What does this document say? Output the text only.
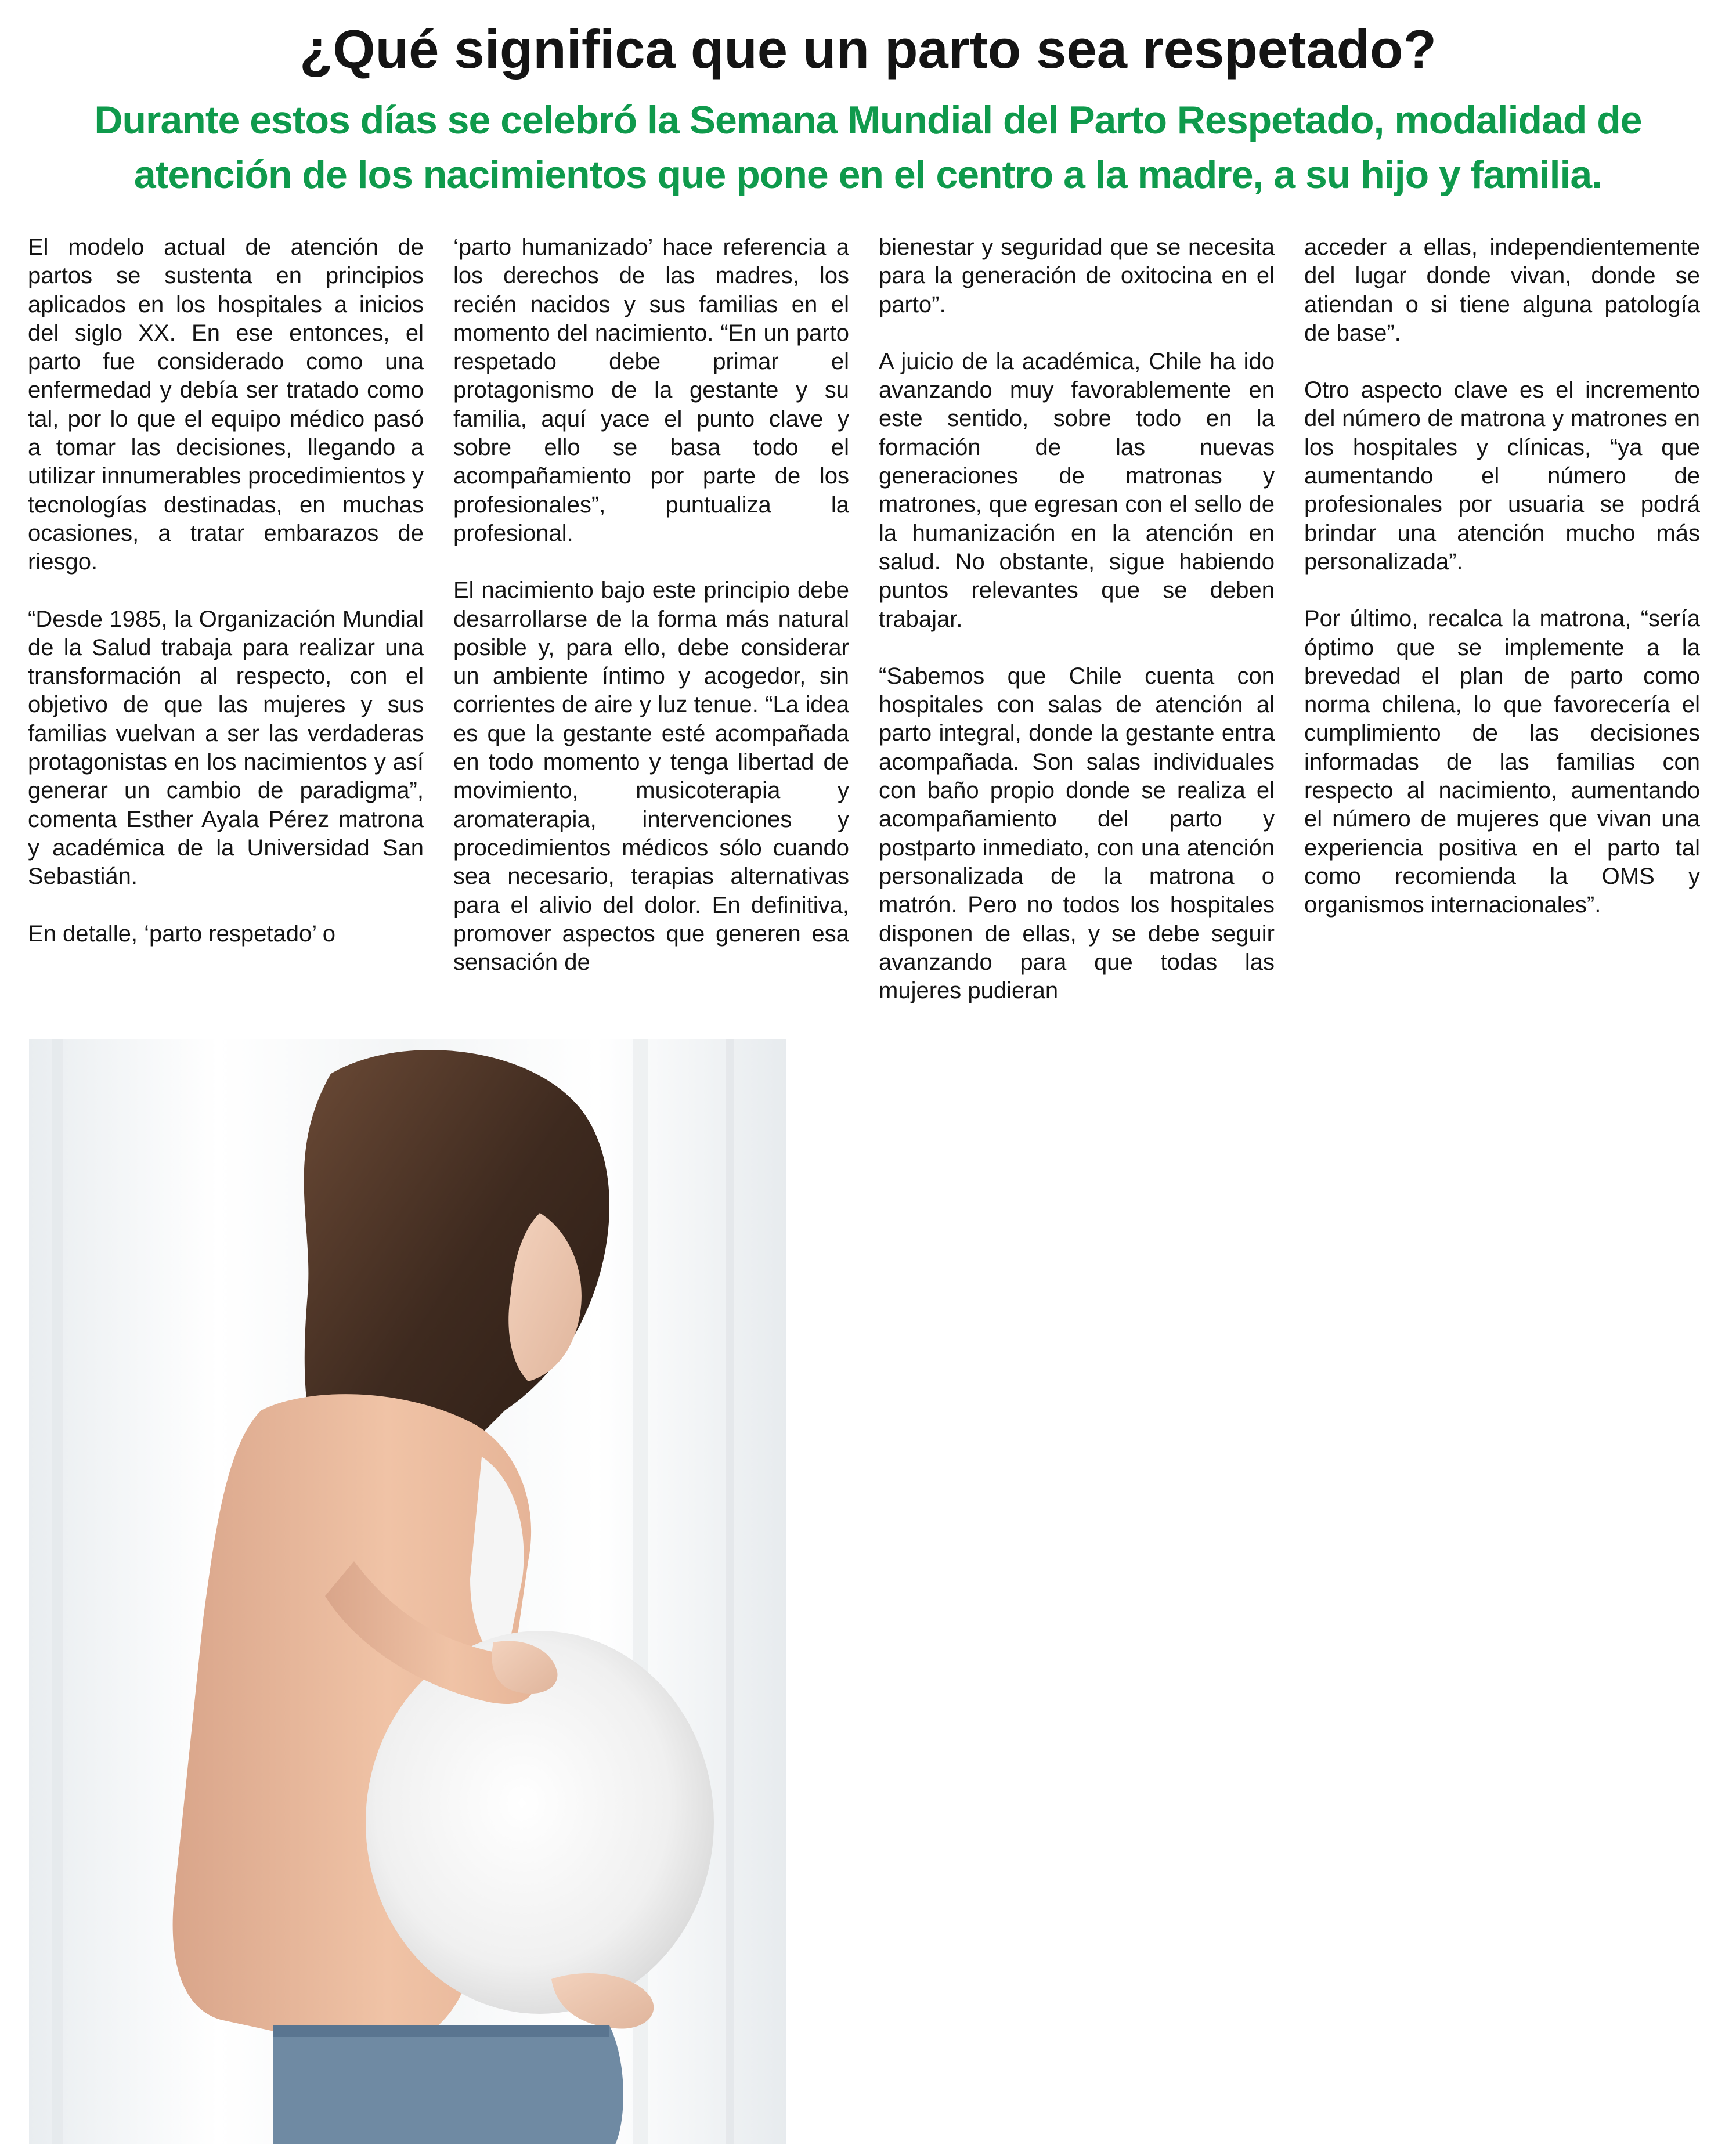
¿Qué significa que un parto sea respetado?
Durante estos días se celebró la Semana Mundial del Parto Respetado, modalidad de atención de los nacimientos que pone en el centro a la madre, a su hijo y familia.

El modelo actual de atención de partos se sustenta en principios aplicados en los hospitales a inicios del siglo XX. En ese entonces, el parto fue considerado como una enfermedad y debía ser tratado como tal, por lo que el equipo médico pasó a tomar las decisiones, llegando a utilizar innumerables procedimientos y tecnologías destinadas, en muchas ocasiones, a tratar embarazos de riesgo.

“Desde 1985, la Organización Mundial de la Salud trabaja para realizar una transformación al respecto, con el objetivo de que las mujeres y sus familias vuelvan a ser las verdaderas protagonistas en los nacimientos y así generar un cambio de paradigma”, comenta Esther Ayala Pérez matrona y académica de la Universidad San Sebastián.

En detalle, ‘parto respetado’ o

‘parto humanizado’ hace referencia a los derechos de las madres, los recién nacidos y sus familias en el momento del nacimiento. “En un parto respetado debe primar el protagonismo de la gestante y su familia, aquí yace el punto clave y sobre ello se basa todo el acompañamiento por parte de los profesionales”, puntualiza la profesional.

El nacimiento bajo este principio debe desarrollarse de la forma más natural posible y, para ello, debe considerar un ambiente íntimo y acogedor, sin corrientes de aire y luz tenue. “La idea es que la gestante esté acompañada en todo momento y tenga libertad de movimiento, musicoterapia y aromaterapia, intervenciones y procedimientos médicos sólo cuando sea necesario, terapias alternativas para el alivio del dolor. En definitiva, promover aspectos que generen esa sensación de

bienestar y seguridad que se necesita para la generación de oxitocina en el parto”.

A juicio de la académica, Chile ha ido avanzando muy favorablemente en este sentido, sobre todo en la formación de las nuevas generaciones de matronas y matrones, que egresan con el sello de la humanización en la atención en salud. No obstante, sigue habiendo puntos relevantes que se deben trabajar.

“Sabemos que Chile cuenta con hospitales con salas de atención al parto integral, donde la gestante entra acompañada. Son salas individuales con baño propio donde se realiza el acompañamiento del parto y postparto inmediato, con una atención personalizada de la matrona o matrón. Pero no todos los hospitales disponen de ellas, y se debe seguir avanzando para que todas las mujeres pudieran

acceder a ellas, independientemente del lugar donde vivan, donde se atiendan o si tiene alguna patología de base”.

Otro aspecto clave es el incremento del número de matrona y matrones en los hospitales y clínicas, “ya que aumentando el número de profesionales por usuaria se podrá brindar una atención mucho más personalizada”.

Por último, recalca la matrona, “sería óptimo que se implemente a la brevedad el plan de parto como norma chilena, lo que favorecería el cumplimiento de las decisiones informadas de las familias con respecto al nacimiento, aumentando el número de mujeres que vivan una experiencia positiva en el parto tal como recomienda la OMS y organismos internacionales”.
